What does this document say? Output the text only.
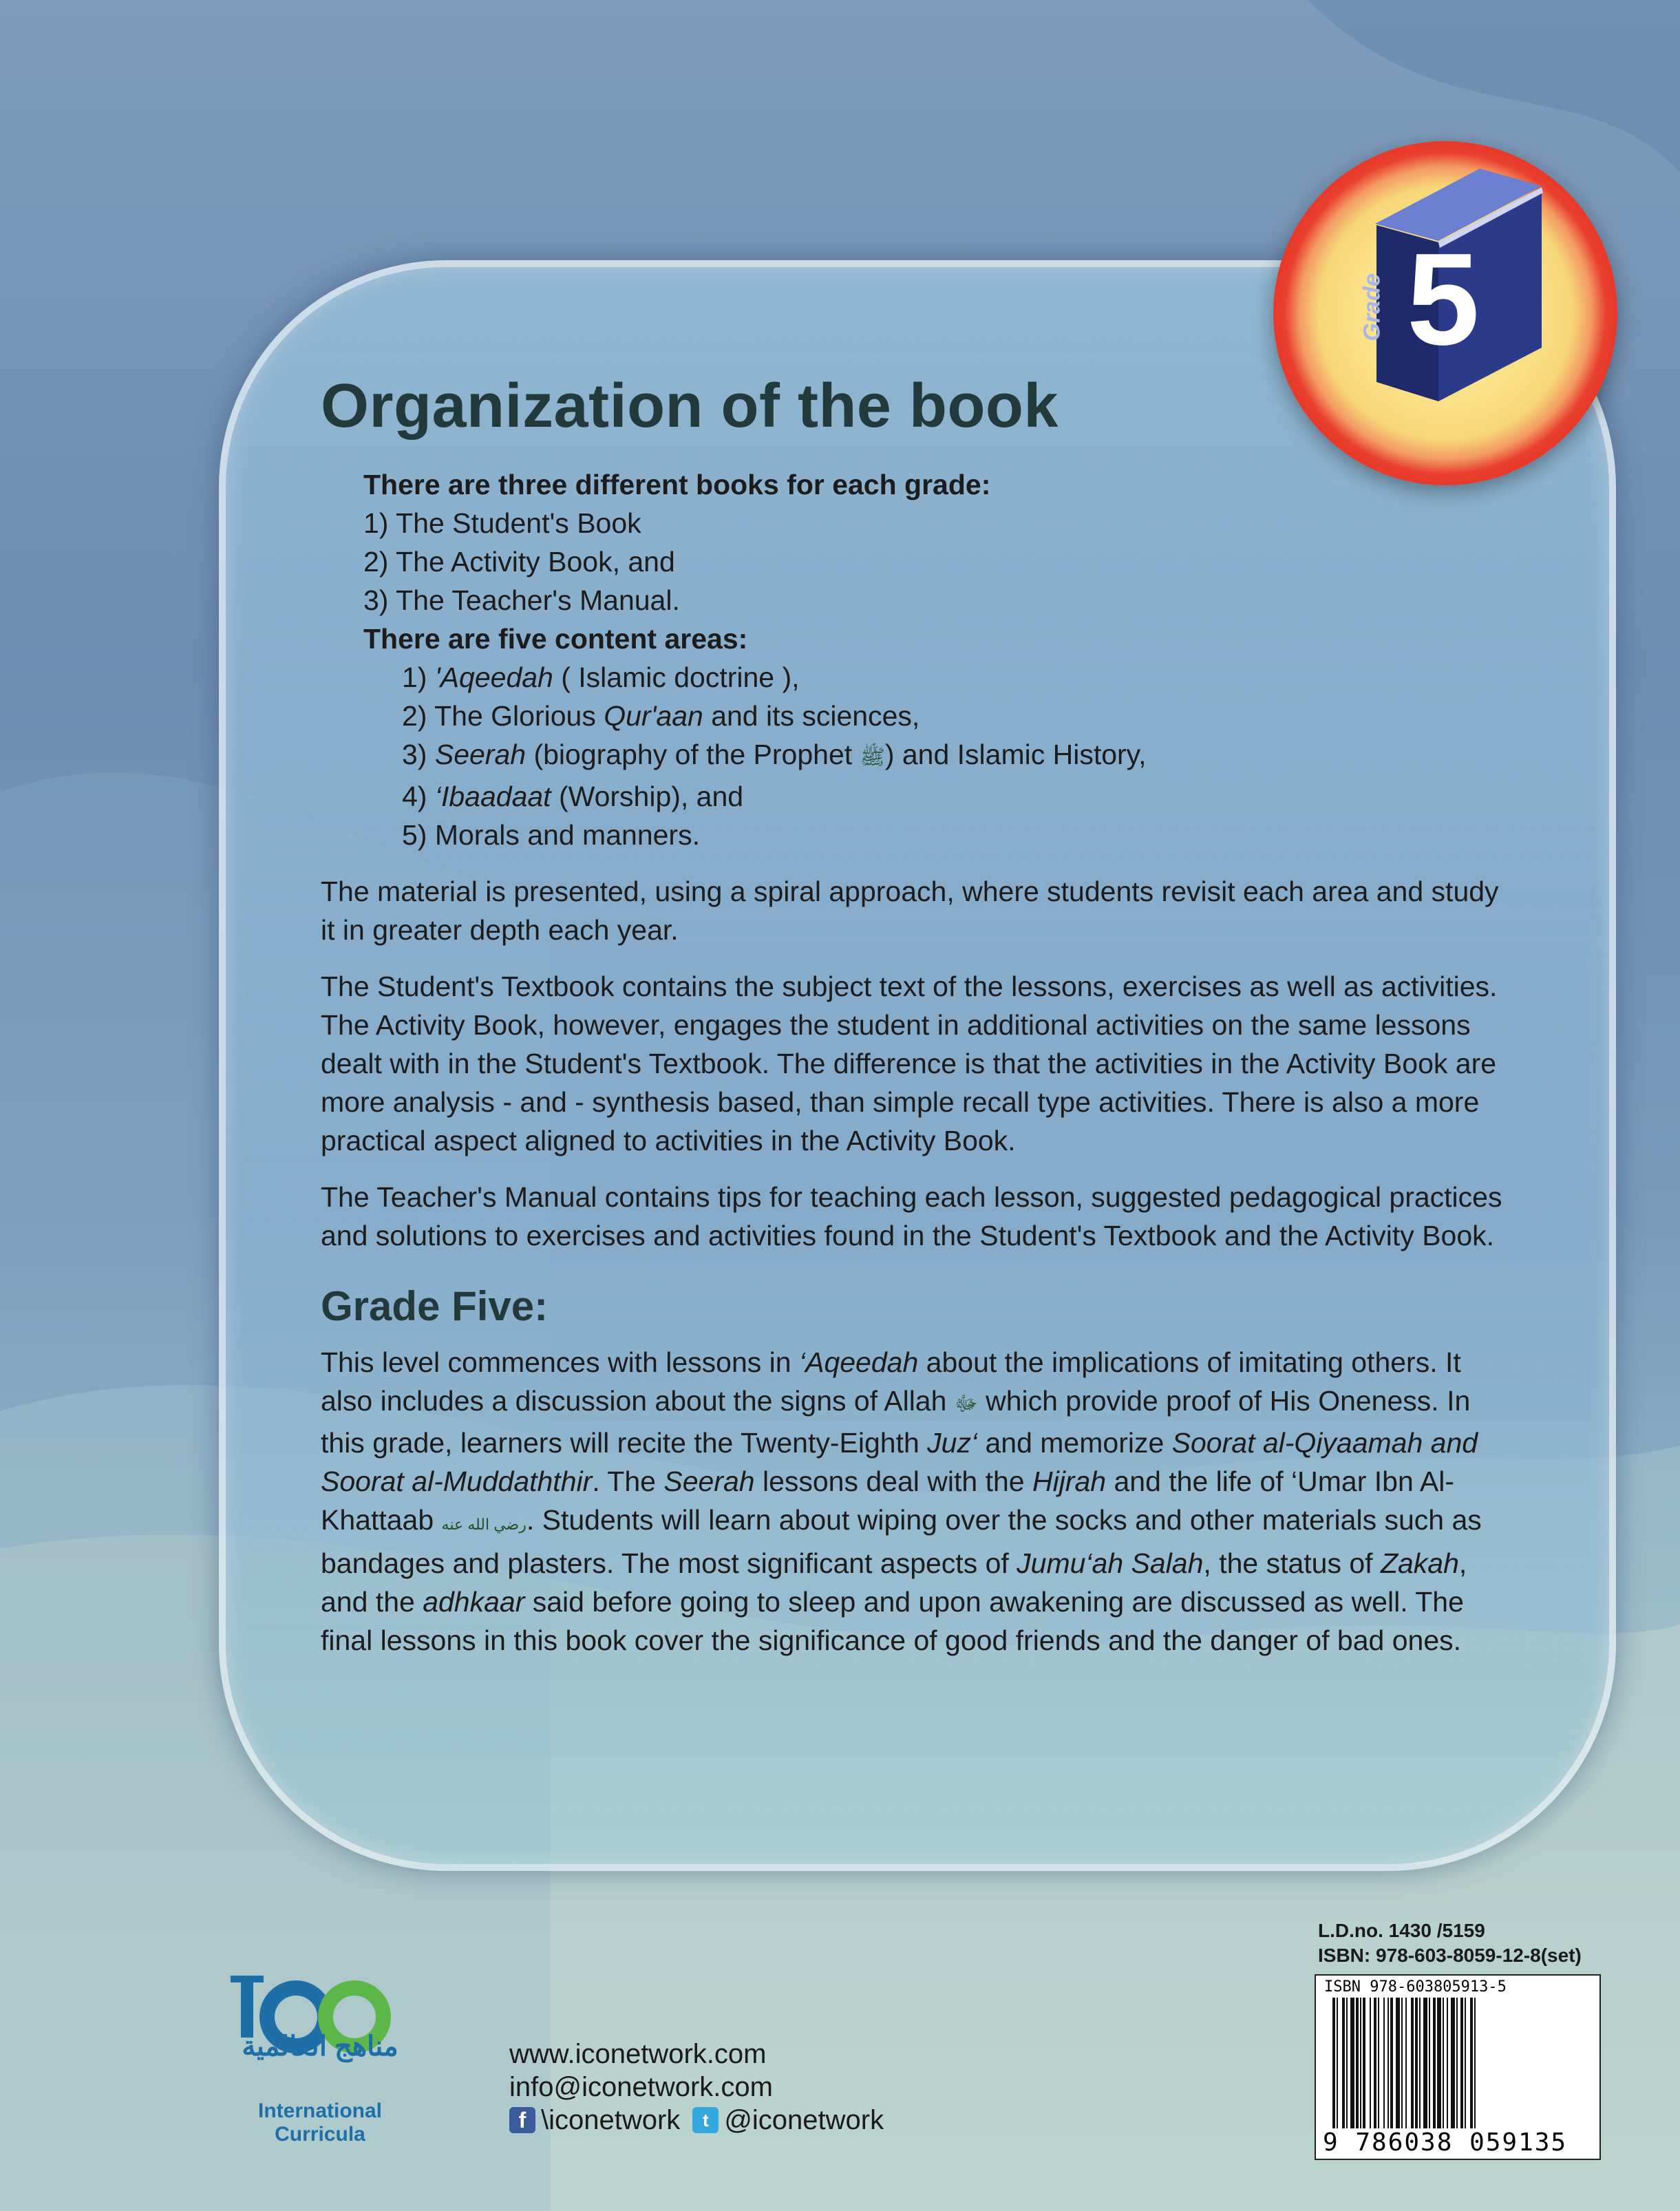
Grade 5
Organization of the book

There are three different books for each grade:

1) The Student's Book

2) The Activity Book, and

3) The Teacher's Manual.

There are five content areas:

1) 'Aqeedah ( Islamic doctrine ),

2) The Glorious Qur'aan and its sciences,

3) Seerah (biography of the Prophet ﷺ) and Islamic History,

4) ‘Ibaadaat (Worship), and

5) Morals and manners.

The material is presented, using a spiral approach, where students revisit each area and study it in greater depth each year.

The Student's Textbook contains the subject text of the lessons, exercises as well as activities. The Activity Book, however, engages the student in additional activities on the same lessons dealt with in the Student's Textbook. The difference is that the activities in the Activity Book are more analysis - and - synthesis based, than simple recall type activities. There is also a more practical aspect aligned to activities in the Activity Book.

The Teacher's Manual contains tips for teaching each lesson, suggested pedagogical practices and solutions to exercises and activities found in the Student's Textbook and the Activity Book.

Grade Five:

This level commences with lessons in ‘Aqeedah about the implications of imitating others. It also includes a discussion about the signs of Allah ﷻ which provide proof of His Oneness. In this grade, learners will recite the Twenty-Eighth Juz‘ and memorize Soorat al-Qiyaamah and Soorat al-Muddaththir. The Seerah lessons deal with the Hijrah and the life of ‘Umar Ibn Al-Khattaab رضي الله عنه. Students will learn about wiping over the socks and other materials such as bandages and plasters. The most significant aspects of Jumu‘ah Salah, the status of Zakah, and the adhkaar said before going to sleep and upon awakening are discussed as well. The final lessons in this book cover the significance of good friends and the danger of bad ones.

مناهج العالمية
International Curricula
www.iconetwork.com
info@iconetwork.com
f \iconetwork	t @iconetwork
L.D.no. 1430 /5159
ISBN: 978-603-8059-12-8(set)
ISBN 978-603805913-5
9 786038 059135
